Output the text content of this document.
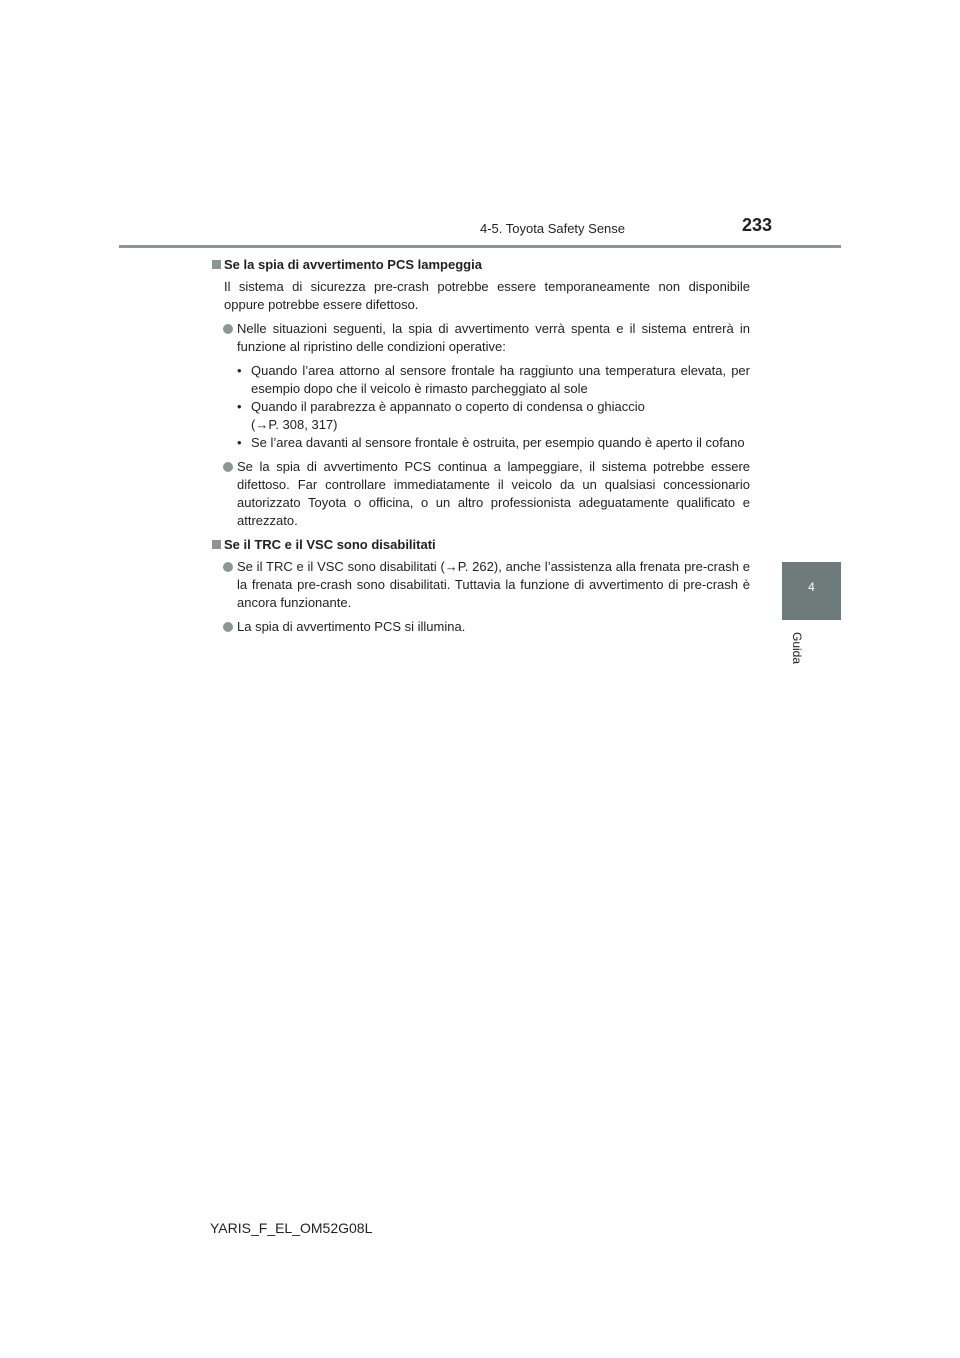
4-5. Toyota Safety Sense	233
4
Guida
Se la spia di avvertimento PCS lampeggia
Il sistema di sicurezza pre-crash potrebbe essere temporaneamente non disponibile oppure potrebbe essere difettoso.
Nelle situazioni seguenti, la spia di avvertimento verrà spenta e il sistema entrerà in funzione al ripristino delle condizioni operative:
• Quando l’area attorno al sensore frontale ha raggiunto una temperatura elevata, per esempio dopo che il veicolo è rimasto parcheggiato al sole
• Quando il parabrezza è appannato o coperto di condensa o ghiaccio
(→P. 308, 317)
• Se l’area davanti al sensore frontale è ostruita, per esempio quando è aperto il cofano
Se la spia di avvertimento PCS continua a lampeggiare, il sistema potrebbe essere difettoso. Far controllare immediatamente il veicolo da un qualsiasi concessionario autorizzato Toyota o officina, o un altro professionista adeguatamente qualificato e attrezzato.
Se il TRC e il VSC sono disabilitati
Se il TRC e il VSC sono disabilitati (→P. 262), anche l’assistenza alla frenata pre-crash e la frenata pre-crash sono disabilitati. Tuttavia la funzione di avvertimento di pre-crash è ancora funzionante.
La spia di avvertimento PCS si illumina.
YARIS_F_EL_OM52G08L
